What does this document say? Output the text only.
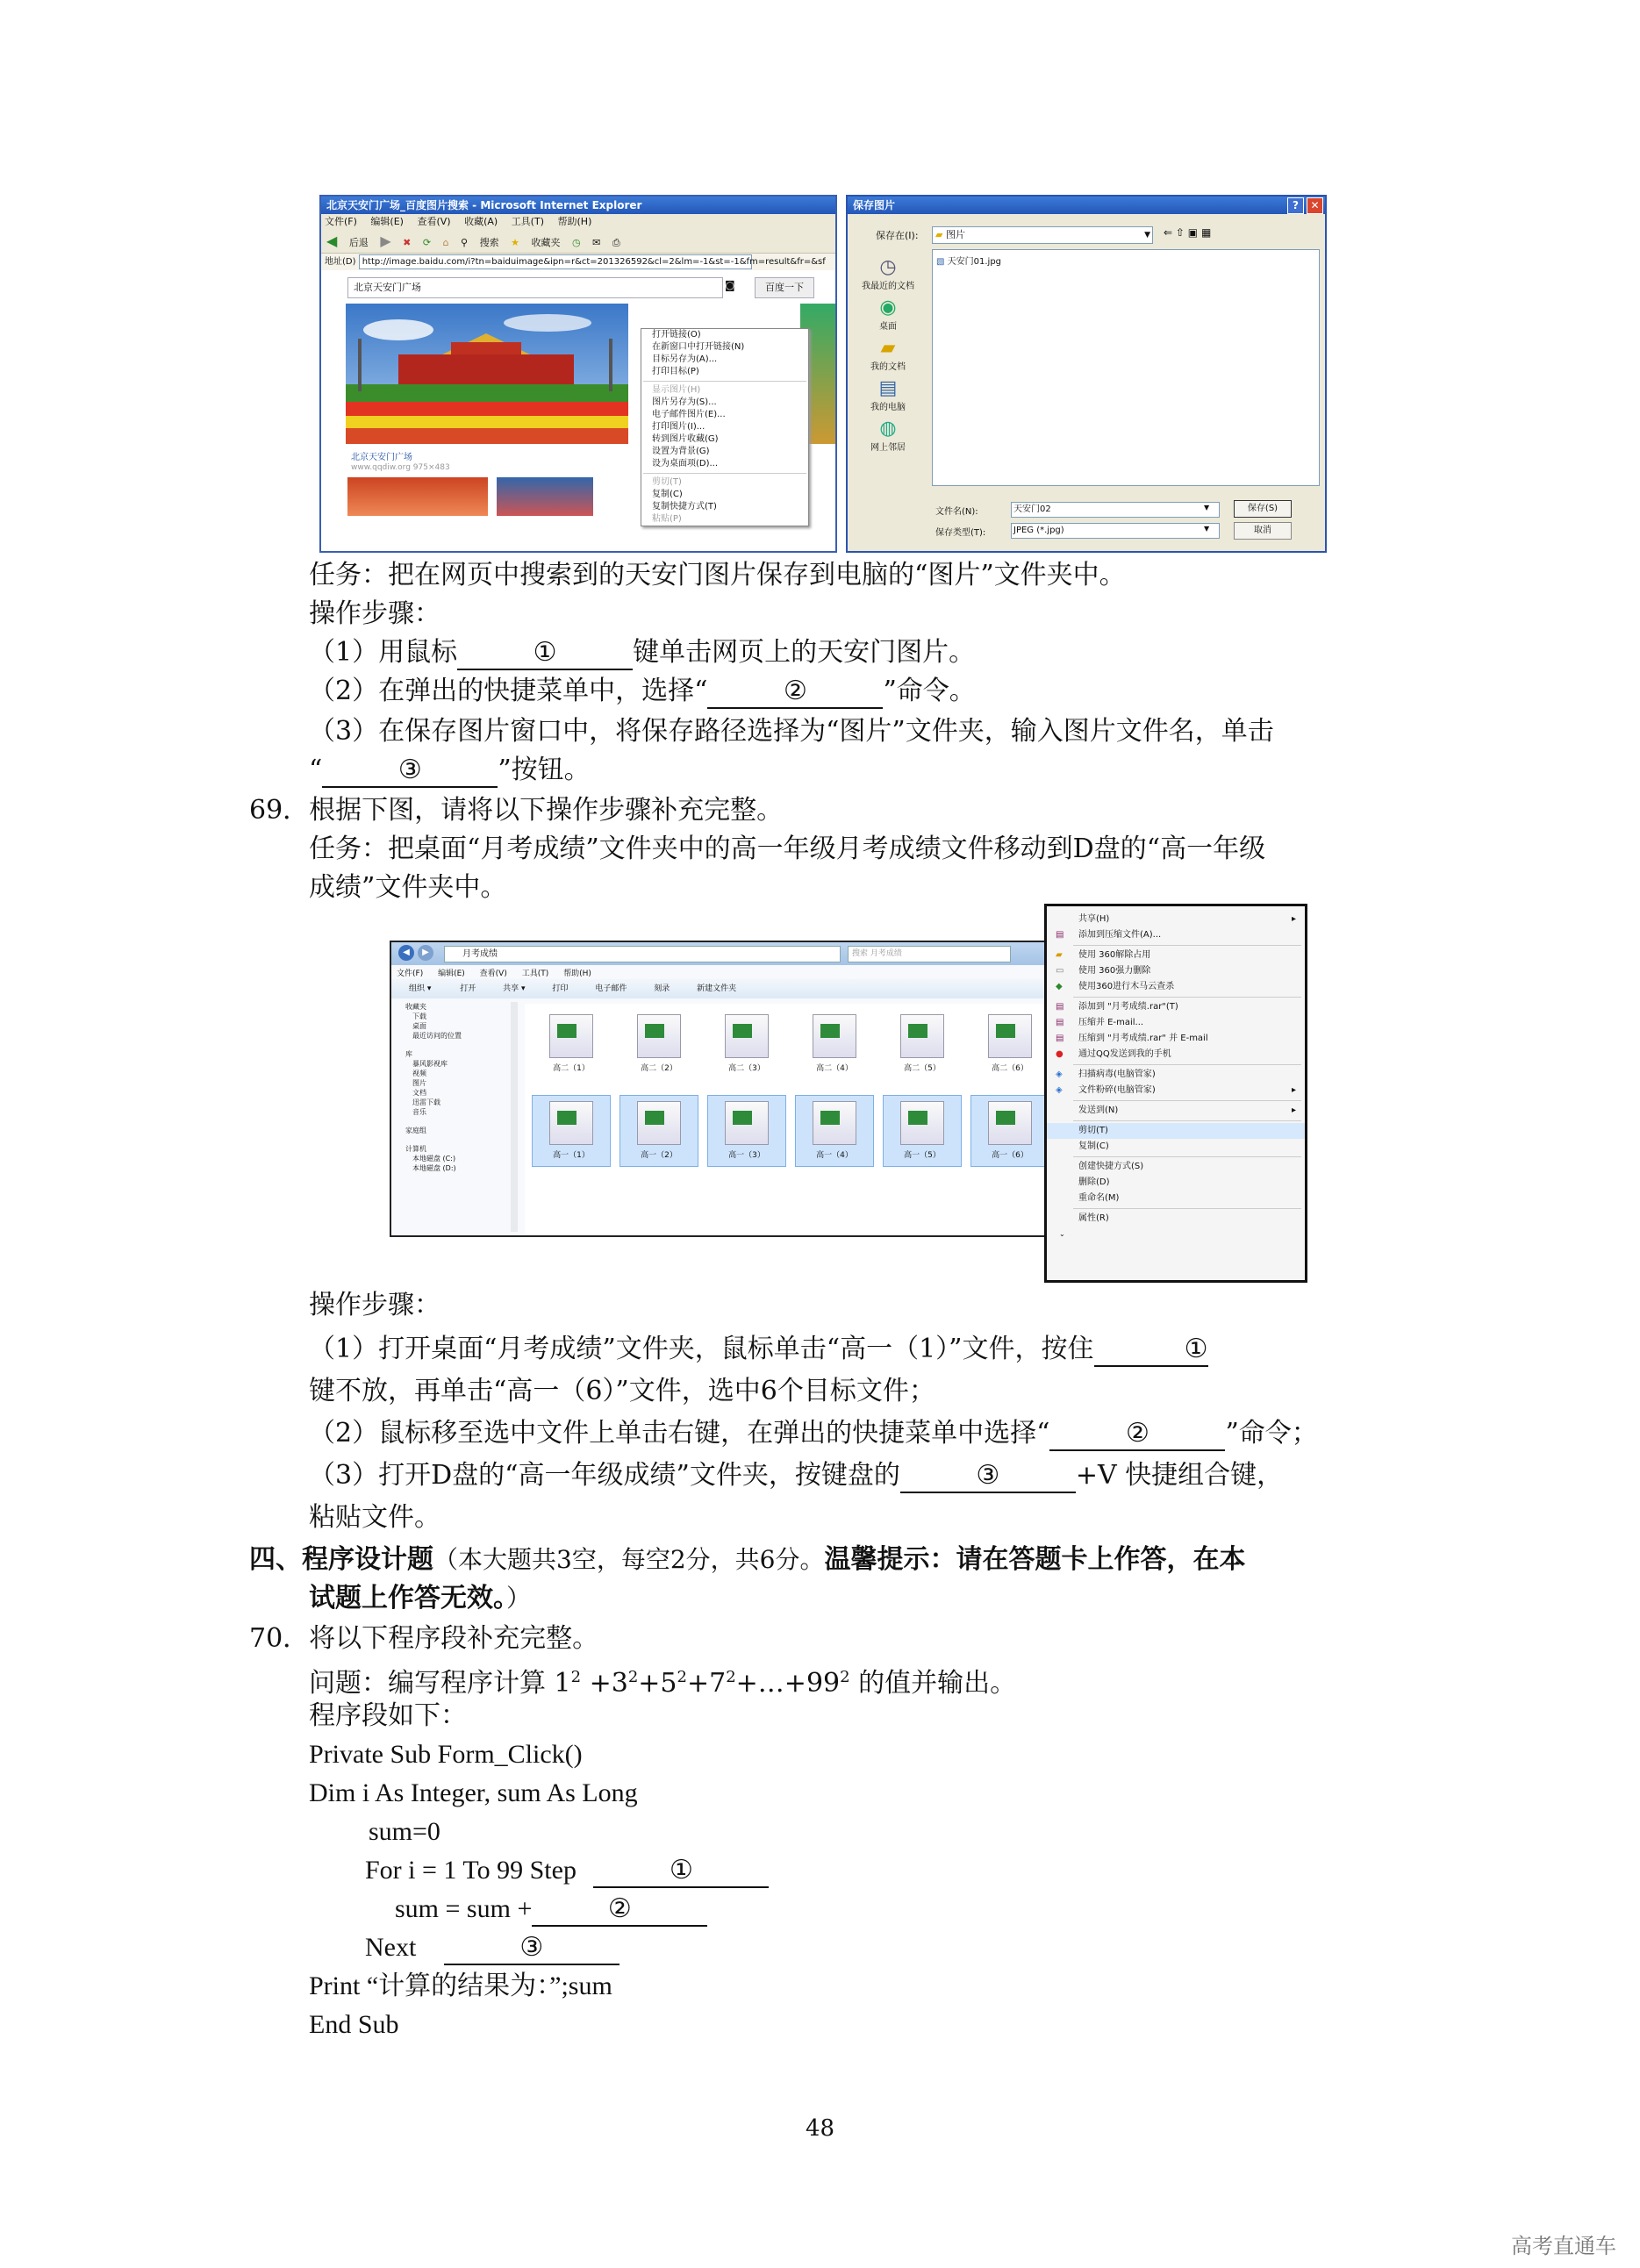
北京天安门广场_百度图片搜索 - Microsoft Internet Explorer
文件(F) 编辑(E) 查看(V) 收藏(A) 工具(T) 帮助(H)
◀ 后退 ▶ ✖ ⟳ ⌂ ⚲ 搜索 ★ 收藏夹 ◷ ✉ ⎙
地址(D) http://image.baidu.com/i?tn=baiduimage&ipn=r&ct=201326592&cl=2&lm=-1&st=-1&fm=result&fr=&sf
北京天安门广场	◙	百度一下
北京天安门广场
www.qqdiw.org 975×483
打开链接(O)
在新窗口中打开链接(N)
目标另存为(A)...
打印目标(P)
显示图片(H)
图片另存为(S)...
电子邮件图片(E)...
打印图片(I)...
转到图片收藏(G)
设置为背景(G)
设为桌面项(D)...
剪切(T)
复制(C)
复制快捷方式(T)
粘贴(P)
保存图片	?	✕
保存在(I):	▰ 图片	▼ ⇐ ⇧ ▣ ▦
◷
我最近的文档
◉
桌面
▰
我的文档
▤
我的电脑
◍
网上邻居
▧ 天安门01.jpg
文件名(N):	天安门02	▼
保存类型(T):	JPEG (*.jpg)	▼
保存(S)
取消
任务：把在网页中搜索到的天安门图片保存到电脑的“图片”文件夹中。
操作步骤：
（1）用鼠标	①	键单击网页上的天安门图片。
（2）在弹出的快捷菜单中，选择“	②	”命令。
（3）在保存图片窗口中，将保存路径选择为“图片”文件夹，输入图片文件名，单击
“	③	”按钮。
69．根据下图，请将以下操作步骤补充完整。
任务：把桌面“月考成绩”文件夹中的高一年级月考成绩文件移动到D盘的“高一年级
成绩”文件夹中。
◀	▶	月考成绩	搜索 月考成绩
文件(F) 编辑(E) 查看(V) 工具(T) 帮助(H)
组织 ▾	打开	共享 ▾	打印	电子邮件	刻录	新建文件夹
收藏夹
下载
桌面
最近访问的位置
库
暴风影视库
视频
图片
文档
迅雷下载
音乐
家庭组
计算机
本地磁盘 (C:)
本地磁盘 (D:)
高二（1）	高二（2）	高二（3）	高二（4）	高二（5）	高二（6）
高一（1）	高一（2）	高一（3）	高一（4）	高一（5）	高一（6）
共享(H)	▸
▤ 添加到压缩文件(A)...
▰ 使用 360解除占用
▭ 使用 360强力删除
◆ 使用360进行木马云查杀
▤ 添加到 "月考成绩.rar"(T)
▤ 压缩并 E-mail...
▤ 压缩到 "月考成绩.rar" 并 E-mail
● 通过QQ发送到我的手机
◈ 扫描病毒(电脑管家)
◈ 文件粉碎(电脑管家)	▸
发送到(N)	▸
剪切(T)
复制(C)
创建快捷方式(S)
删除(D)
重命名(M)
属性(R)
⌄
操作步骤：
（1）打开桌面“月考成绩”文件夹，鼠标单击“高一（1）”文件，按住	①
键不放，再单击“高一（6）”文件，选中6个目标文件；
（2）鼠标移至选中文件上单击右键，在弹出的快捷菜单中选择“	②	”命令；
（3）打开D盘的“高一年级成绩”文件夹，按键盘的	③	+V 快捷组合键，
粘贴文件。
四、程序设计题（本大题共3空，每空2分，共6分。温馨提示：请在答题卡上作答，在本
试题上作答无效。）
70．将以下程序段补充完整。
问题：编写程序计算 $1^2$ $+3^2+5^2+7^2+\dots+99^2$ 的值并输出。
程序段如下：
Private Sub Form_Click()
Dim i As Integer, sum As Long
sum=0
For i = 1 To 99 Step	①
sum = sum +	②
Next	③
Print “计算的结果为：”;sum
End Sub
48
高考直通车
